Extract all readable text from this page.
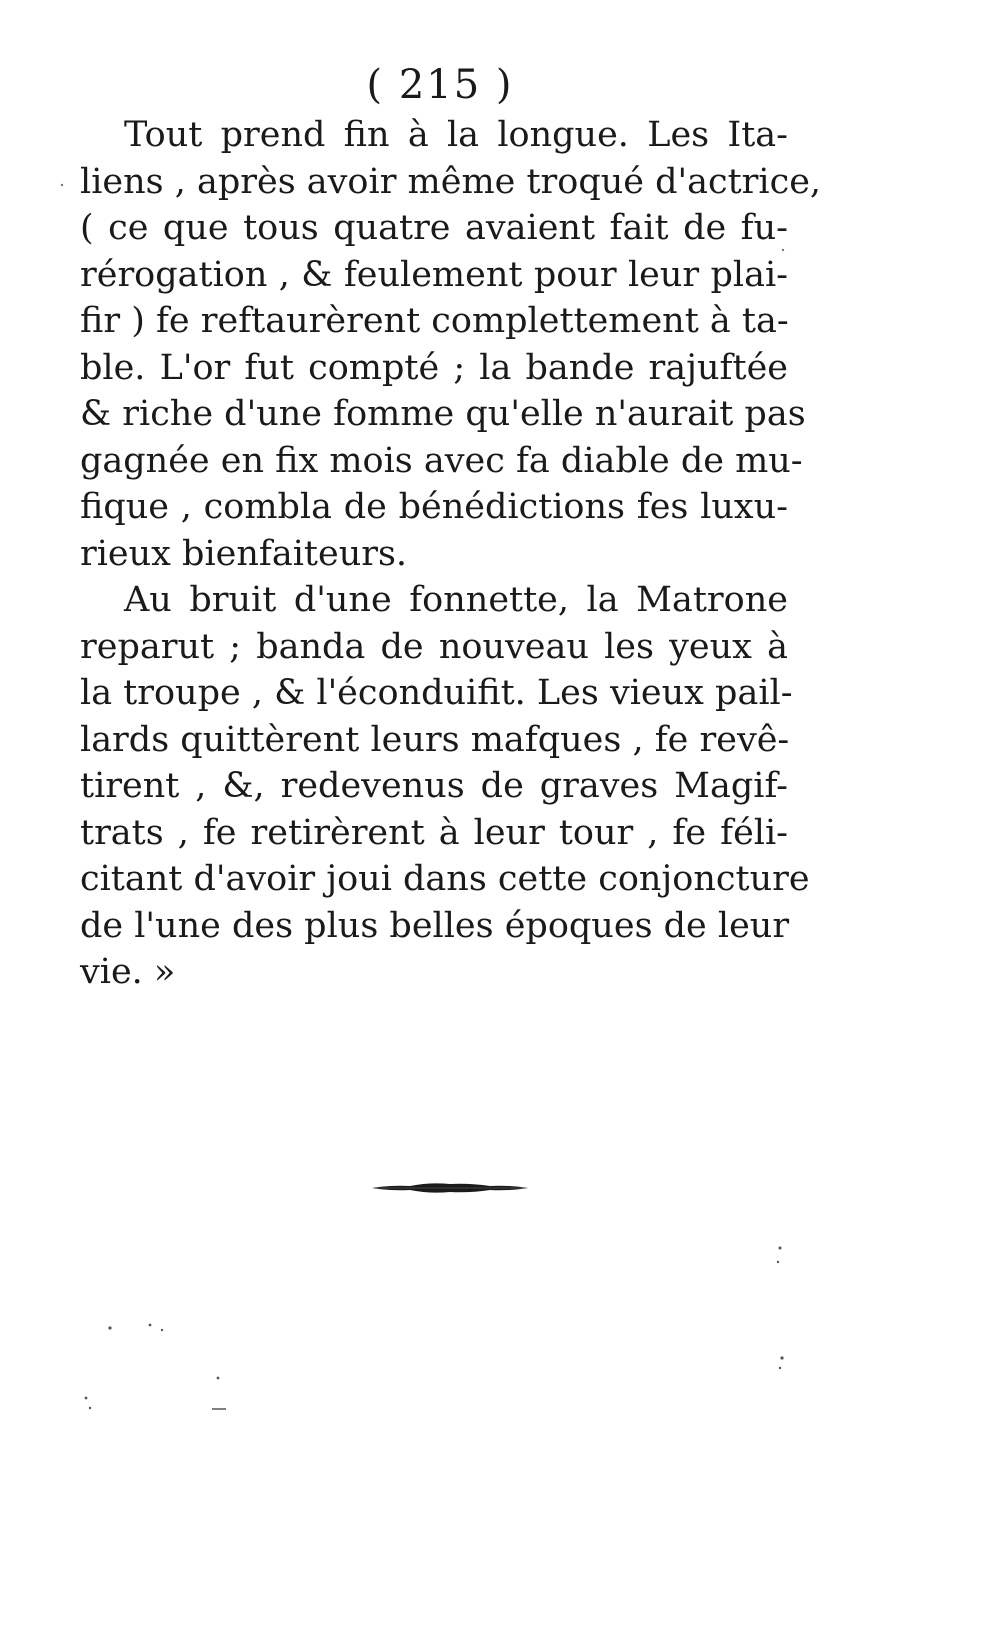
( 215 )
Tout prend fin à la longue. Les Ita-
liens , après avoir même troqué d'actrice,
( ce que tous quatre avaient fait de fu-
rérogation , & feulement pour leur plai-
fir ) fe reftaurèrent complettement à ta-
ble. L'or fut compté ; la bande rajuftée
& riche d'une fomme qu'elle n'aurait pas
gagnée en fix mois avec fa diable de mu-
fique , combla de bénédictions fes luxu-
rieux bienfaiteurs.
Au bruit d'une fonnette, la Matrone
reparut ; banda de nouveau les yeux à
la troupe , & l'éconduifit. Les vieux pail-
lards quittèrent leurs mafques , fe revê-
tirent , &, redevenus de graves Magif-
trats , fe retirèrent à leur tour , fe féli-
citant d'avoir joui dans cette conjoncture
de l'une des plus belles époques de leur
vie. »
